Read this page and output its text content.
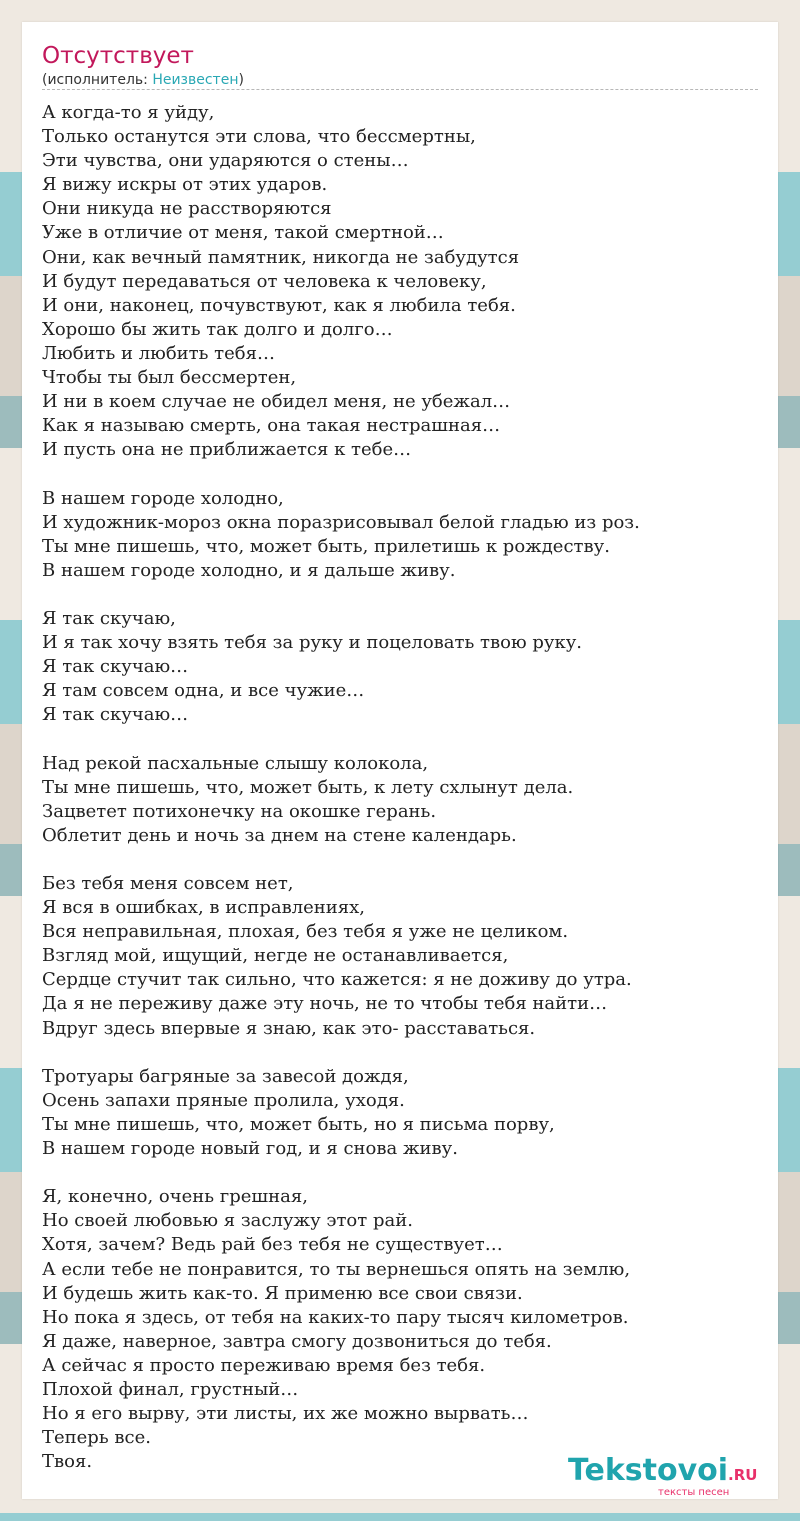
Отсутствует
(исполнитель: Неизвестен)
А когда-то я уйду,
Только останутся эти слова, что бессмертны,
Эти чувства, они ударяются о стены…
Я вижу искры от этих ударов.
Они никуда не расстворяются
Уже в отличие от меня, такой смертной…
Они, как вечный памятник, никогда не забудутся
И будут передаваться от человека к человеку,
И они, наконец, почувствуют, как я любила тебя.
Хорошо бы жить так долго и долго…
Любить и любить тебя…
Чтобы ты был бессмертен,
И ни в коем случае не обидел меня, не убежал…
Как я называю смерть, она такая нестрашная…
И пусть она не приближается к тебе…

В нашем городе холодно,
И художник-мороз окна поразрисовывал белой гладью из роз.
Ты мне пишешь, что, может быть, прилетишь к рождеству.
В нашем городе холодно, и я дальше живу.

Я так скучаю,
И я так хочу взять тебя за руку и поцеловать твою руку.
Я так скучаю…
Я там совсем одна, и все чужие…
Я так скучаю…

Над рекой пасхальные слышу колокола,
Ты мне пишешь, что, может быть, к лету схлынут дела.
Зацветет потихонечку на окошке герань.
Облетит день и ночь за днем на стене календарь.

Без тебя меня совсем нет,
Я вся в ошибках, в исправлениях,
Вся неправильная, плохая, без тебя я уже не целиком.
Взгляд мой, ищущий, негде не останавливается,
Сердце стучит так сильно, что кажется: я не доживу до утра.
Да я не переживу даже эту ночь, не то чтобы тебя найти…
Вдруг здесь впервые я знаю, как это- расставаться.

Тротуары багряные за завесой дождя,
Осень запахи пряные пролила, уходя.
Ты мне пишешь, что, может быть, но я письма порву,
В нашем городе новый год, и я снова живу.

Я, конечно, очень грешная,
Но своей любовью я заслужу этот рай.
Хотя, зачем? Ведь рай без тебя не существует…
А если тебе не понравится, то ты вернешься опять на землю,
И будешь жить как-то. Я применю все свои связи.
Но пока я здесь, от тебя на каких-то пару тысяч километров.
Я даже, наверное, завтра смогу дозвониться до тебя.
А сейчас я просто переживаю время без тебя.
Плохой финал, грустный…
Но я его вырву, эти листы, их же можно вырвать…
Теперь все.
Твоя.	Tekstovoi.RU
тексты песен
